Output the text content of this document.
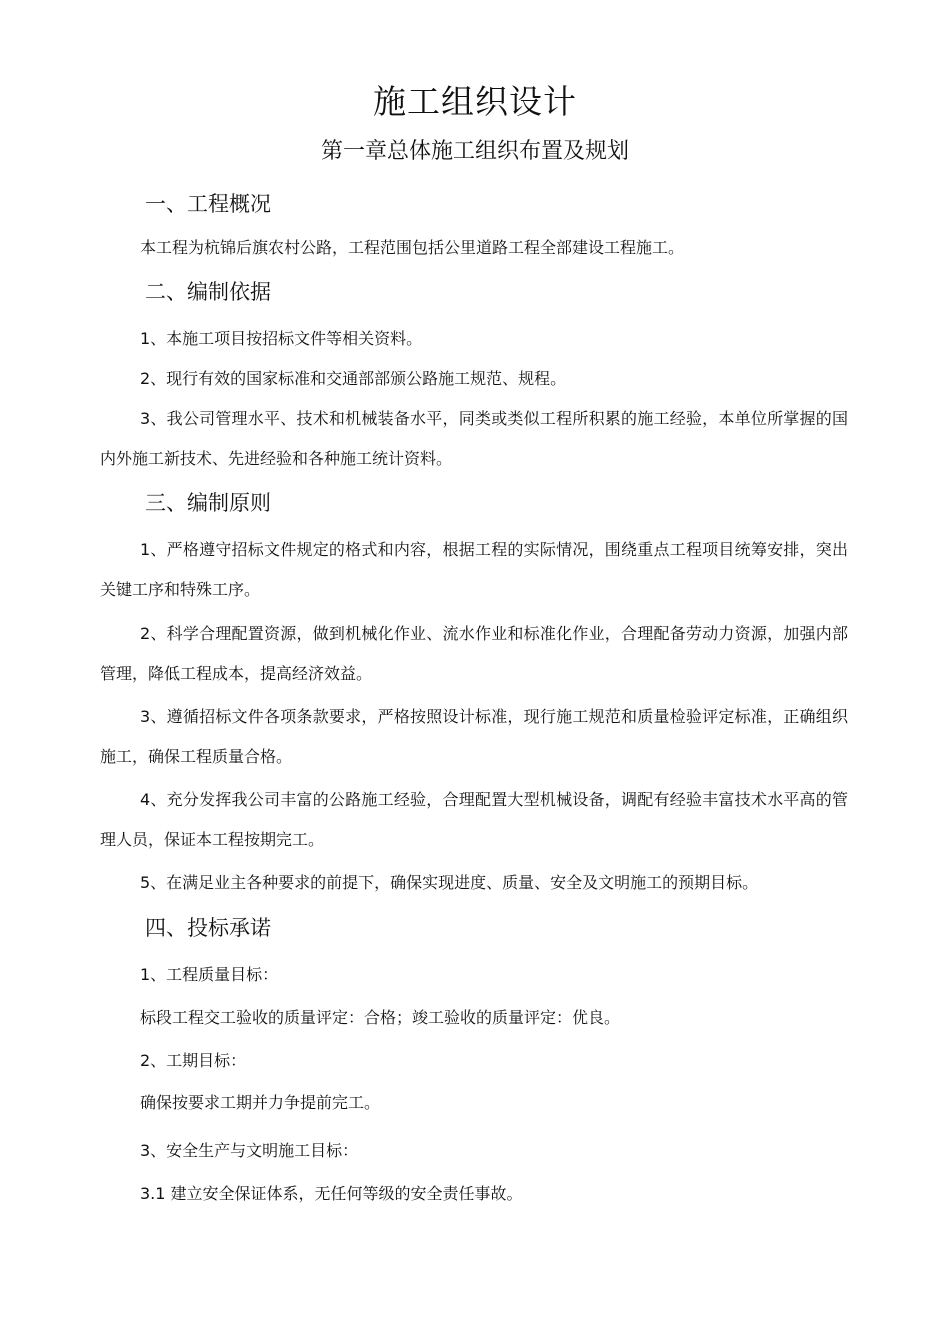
施工组织设计
第一章总体施工组织布置及规划
一、工程概况
本工程为杭锦后旗农村公路，工程范围包括公里道路工程全部建设工程施工。
二、编制依据
1、本施工项目按招标文件等相关资料。
2、现行有效的国家标准和交通部部颁公路施工规范、规程。
3、我公司管理水平、技术和机械装备水平，同类或类似工程所积累的施工经验，本单位所掌握的国内外施工新技术、先进经验和各种施工统计资料。
三、编制原则
1、严格遵守招标文件规定的格式和内容，根据工程的实际情况，围绕重点工程项目统筹安排，突出关键工序和特殊工序。
2、科学合理配置资源，做到机械化作业、流水作业和标准化作业，合理配备劳动力资源，加强内部管理，降低工程成本，提高经济效益。
3、遵循招标文件各项条款要求，严格按照设计标准，现行施工规范和质量检验评定标准，正确组织施工，确保工程质量合格。
4、充分发挥我公司丰富的公路施工经验，合理配置大型机械设备，调配有经验丰富技术水平高的管理人员，保证本工程按期完工。
5、在满足业主各种要求的前提下，确保实现进度、质量、安全及文明施工的预期目标。
四、投标承诺
1、工程质量目标：
标段工程交工验收的质量评定：合格；竣工验收的质量评定：优良。
2、工期目标：
确保按要求工期并力争提前完工。
3、安全生产与文明施工目标：
3.1 建立安全保证体系，无任何等级的安全责任事故。
